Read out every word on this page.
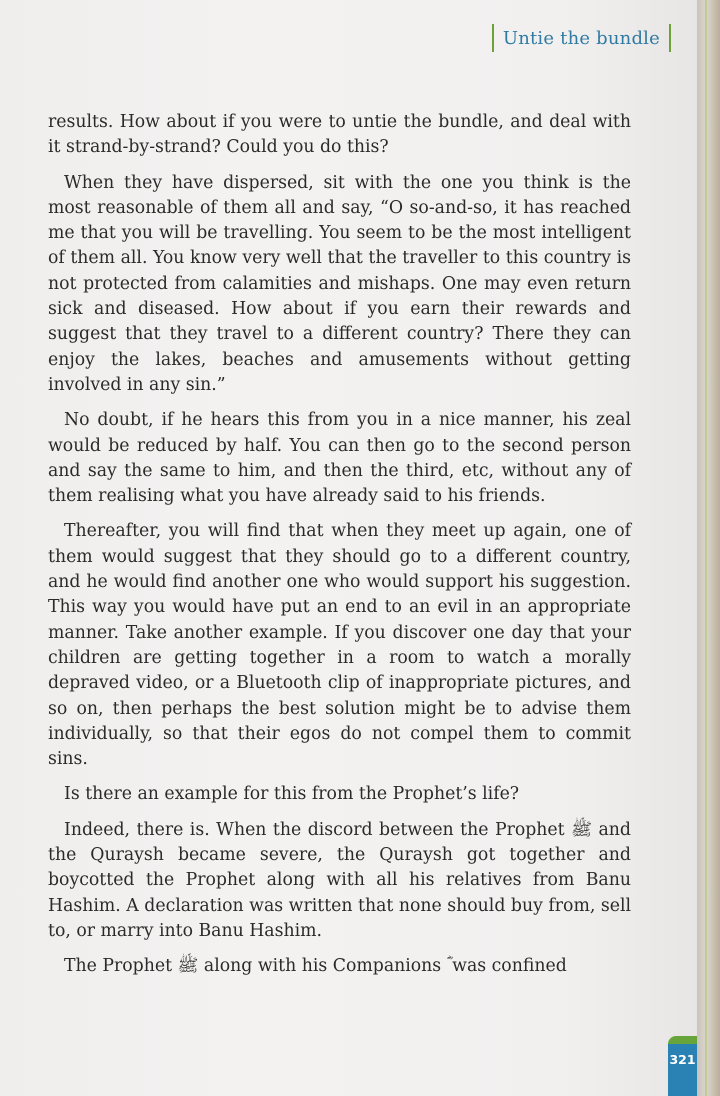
Untie the bundle

results. How about if you were to untie the bundle, and deal with it strand-by-strand? Could you do this?

When they have dispersed, sit with the one you think is the most reasonable of them all and say, “O so-and-so, it has reached me that you will be travelling. You seem to be the most intelligent of them all. You know very well that the traveller to this country is not protected from calamities and mishaps. One may even return sick and diseased. How about if you earn their rewards and suggest that they travel to a different country? There they can enjoy the lakes, beaches and amusements without getting involved in any sin.”

No doubt, if he hears this from you in a nice manner, his zeal would be reduced by half. You can then go to the second person and say the same to him, and then the third, etc, without any of them realising what you have already said to his friends.

Thereafter, you will find that when they meet up again, one of them would suggest that they should go to a different country, and he would find another one who would support his suggestion. This way you would have put an end to an evil in an appropriate manner. Take another example. If you discover one day that your children are getting together in a room to watch a morally depraved video, or a Bluetooth clip of inappropriate pictures, and so on, then perhaps the best solution might be to advise them individually, so that their egos do not compel them to commit sins.

Is there an example for this from the Prophet’s life?

Indeed, there is. When the discord between the Prophet ﷺ and the Quraysh became severe, the Quraysh got together and boycotted the Prophet along with all his relatives from Banu Hashim. A declaration was written that none should buy from, sell to, or marry into Banu Hashim.

The Prophet ﷺ along with his Companions ؓ was confined

321
